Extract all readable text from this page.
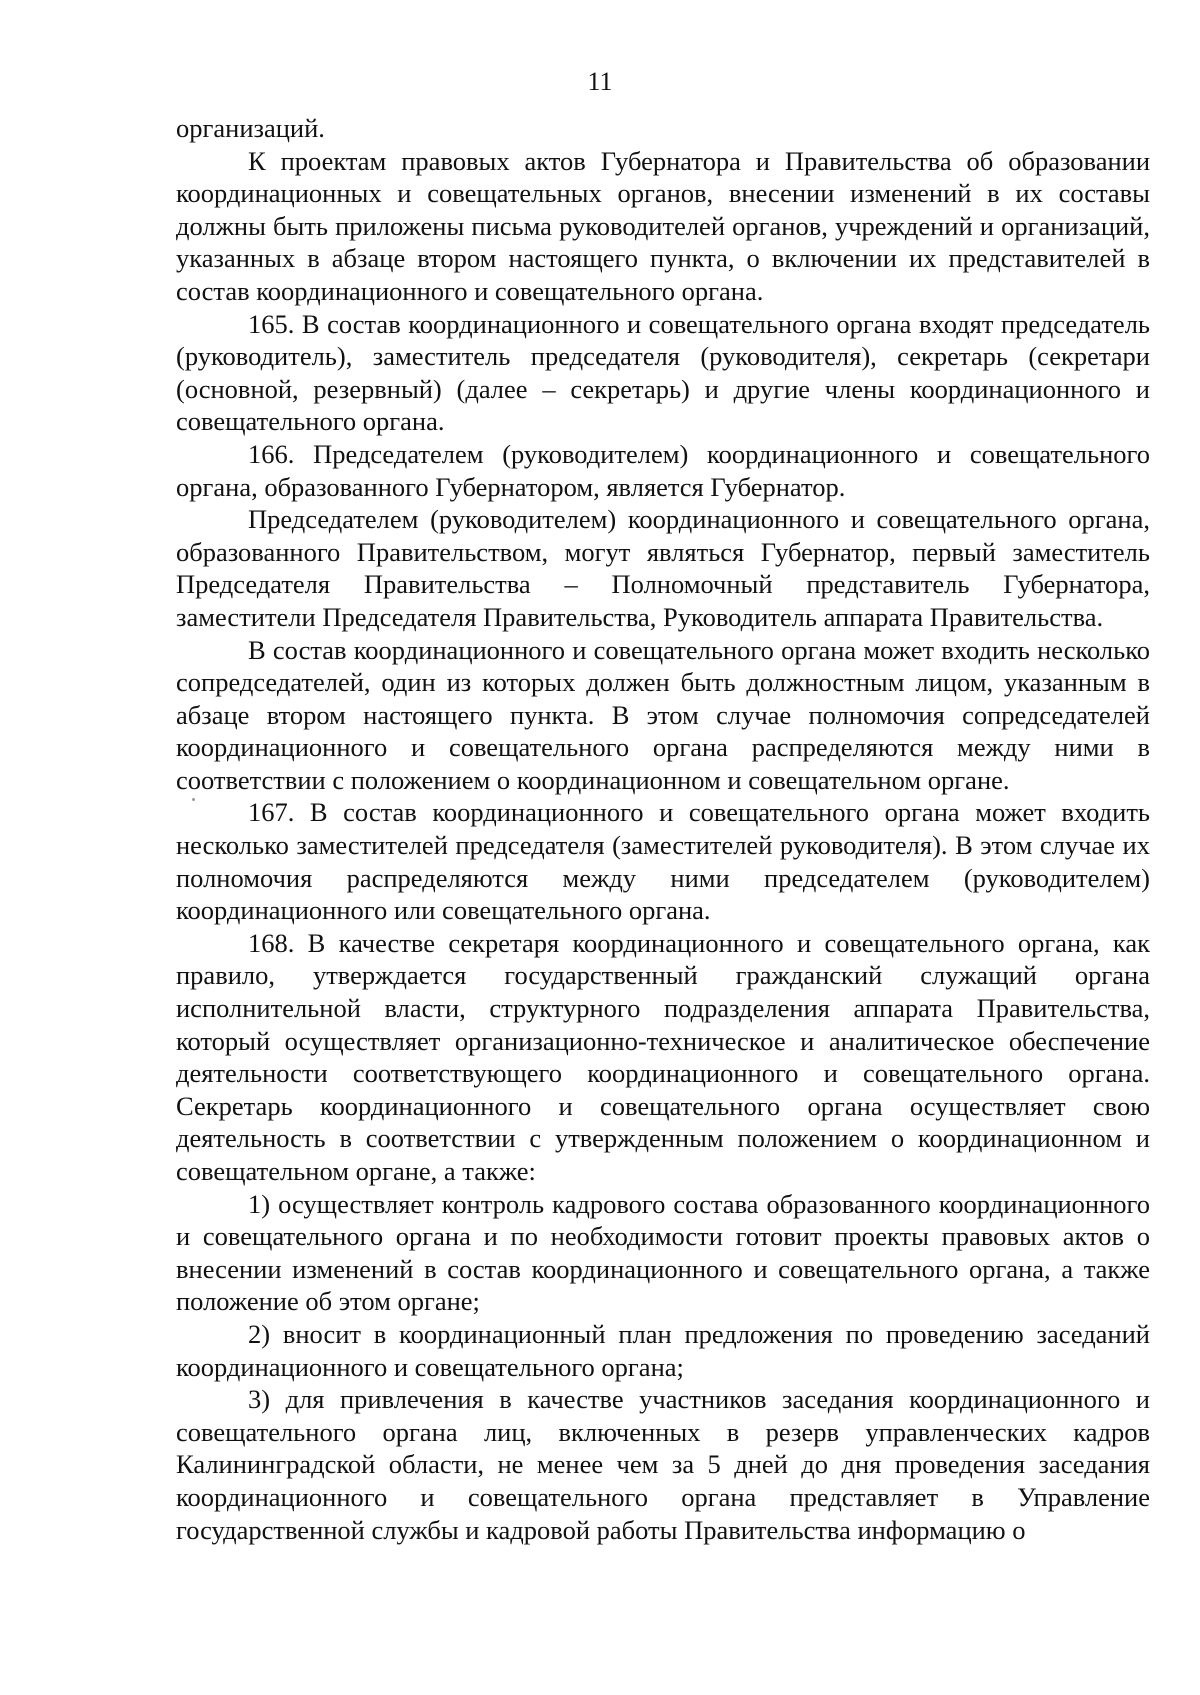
11

организаций.

К проектам правовых актов Губернатора и Правительства об образовании координационных и совещательных органов, внесении изменений в их составы должны быть приложены письма руководителей органов, учреждений и организаций, указанных в абзаце втором настоящего пункта, о включении их представителей в состав координационного и совещательного органа.

165. В состав координационного и совещательного органа входят председатель (руководитель), заместитель председателя (руководителя), секретарь (секретари (основной, резервный) (далее – секретарь) и другие члены координационного и совещательного органа.

166. Председателем (руководителем) координационного и совещательного органа, образованного Губернатором, является Губернатор.

Председателем (руководителем) координационного и совещательного органа, образованного Правительством, могут являться Губернатор, первый заместитель Председателя Правительства – Полномочный представитель Губернатора, заместители Председателя Правительства, Руководитель аппарата Правительства.

В состав координационного и совещательного органа может входить несколько сопредседателей, один из которых должен быть должностным лицом, указанным в абзаце втором настоящего пункта. В этом случае полномочия сопредседателей координационного и совещательного органа распределяются между ними в соответствии с положением о координационном и совещательном органе.

167. В состав координационного и совещательного органа может входить несколько заместителей председателя (заместителей руководителя). В этом случае их полномочия распределяются между ними председателем (руководителем) координационного или совещательного органа.

168. В качестве секретаря координационного и совещательного органа, как правило, утверждается государственный гражданский служащий органа исполнительной власти, структурного подразделения аппарата Правительства, который осуществляет организационно-техническое и аналитическое обеспечение деятельности соответствующего координационного и совещательного органа. Секретарь координационного и совещательного органа осуществляет свою деятельность в соответствии с утвержденным положением о координационном и совещательном органе, а также:

1) осуществляет контроль кадрового состава образованного координационного и совещательного органа и по необходимости готовит проекты правовых актов о внесении изменений в состав координационного и совещательного органа, а также положение об этом органе;

2) вносит в координационный план предложения по проведению заседаний координационного и совещательного органа;

3) для привлечения в качестве участников заседания координационного и совещательного органа лиц, включенных в резерв управленческих кадров Калининградской области, не менее чем за 5 дней до дня проведения заседания координационного и совещательного органа представляет в Управление государственной службы и кадровой работы Правительства информацию о
